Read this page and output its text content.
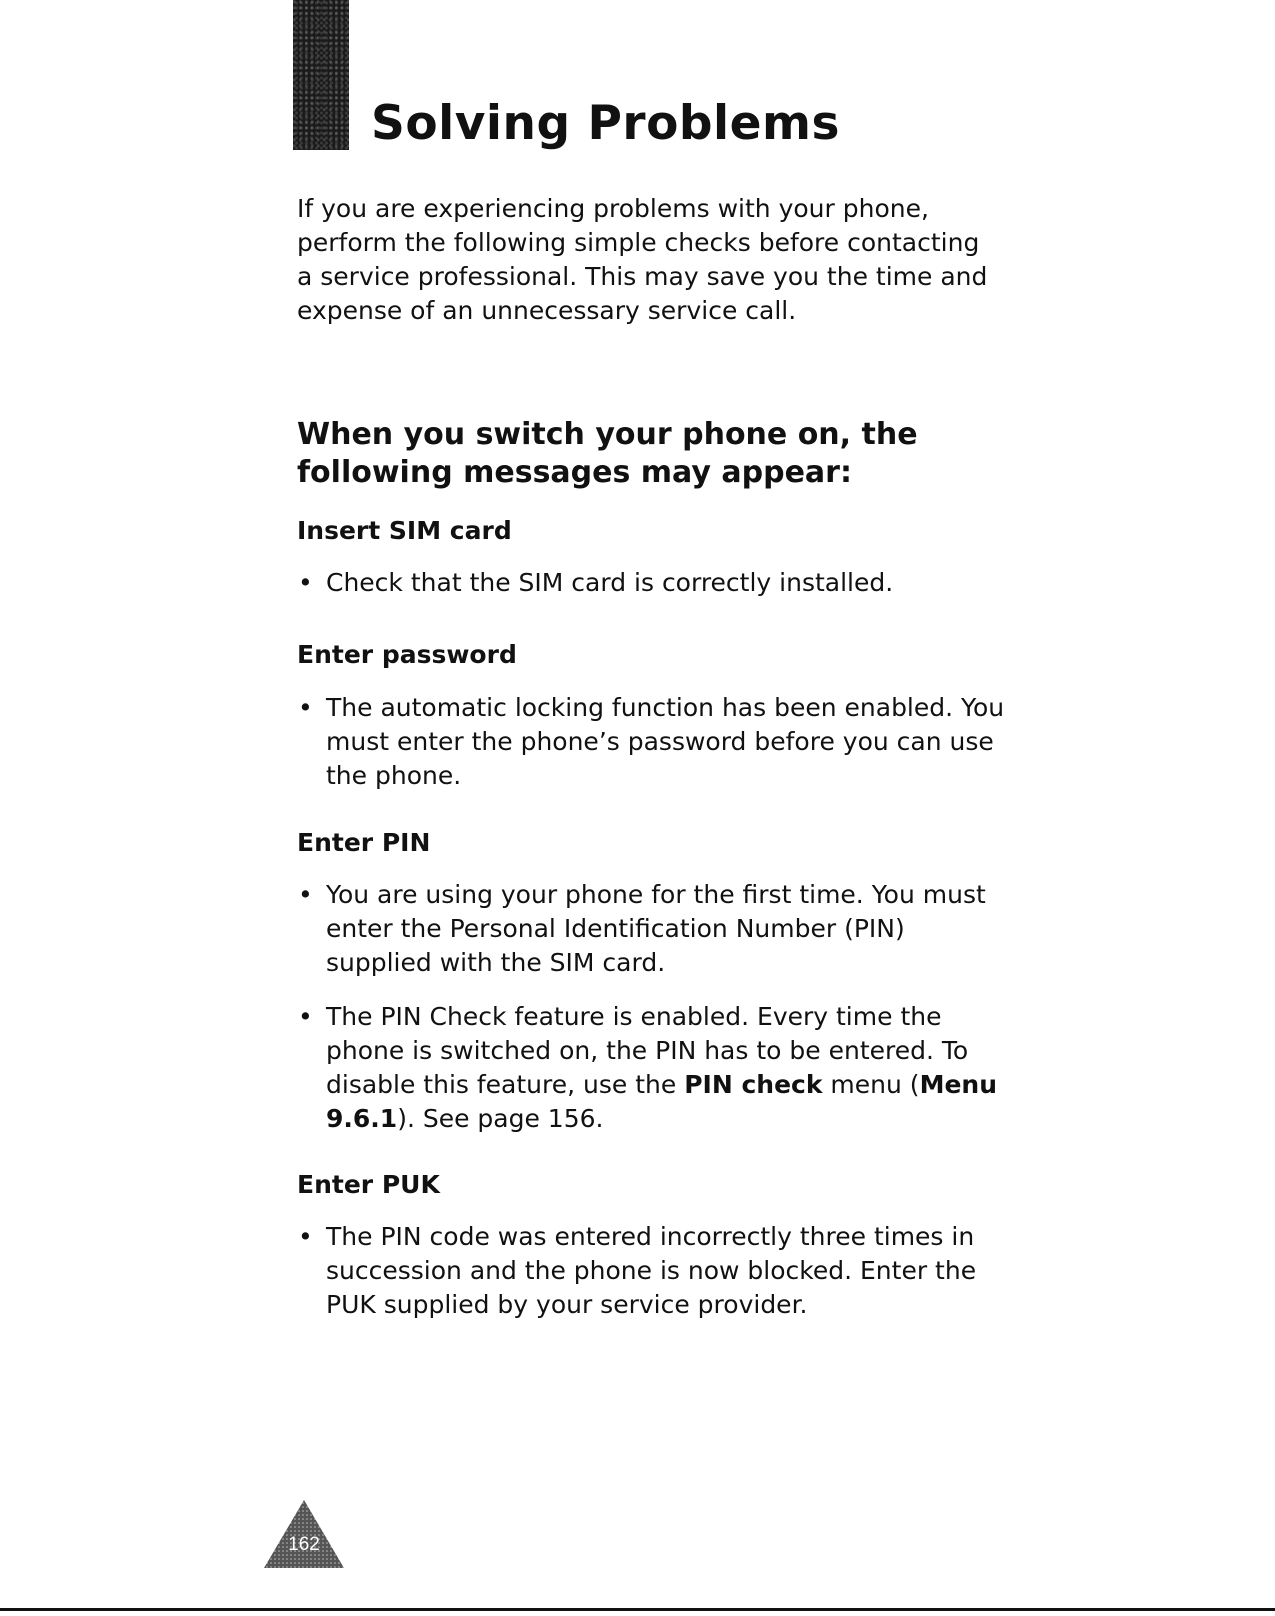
Solving Problems

If you are experiencing problems with your phone, perform the following simple checks before contacting a service professional. This may save you the time and expense of an unnecessary service call.

When you switch your phone on, the following messages may appear:
Insert SIM card

• Check that the SIM card is correctly installed.

Enter password

• The automatic locking function has been enabled. You must enter the phone’s password before you can use the phone.

Enter PIN

• You are using your phone for the first time. You must enter the Personal Identification Number (PIN) supplied with the SIM card.

• The PIN Check feature is enabled. Every time the phone is switched on, the PIN has to be entered. To disable this feature, use the PIN check menu (Menu 9.6.1). See page 156.

Enter PUK

• The PIN code was entered incorrectly three times in succession and the phone is now blocked. Enter the PUK supplied by your service provider.

162
